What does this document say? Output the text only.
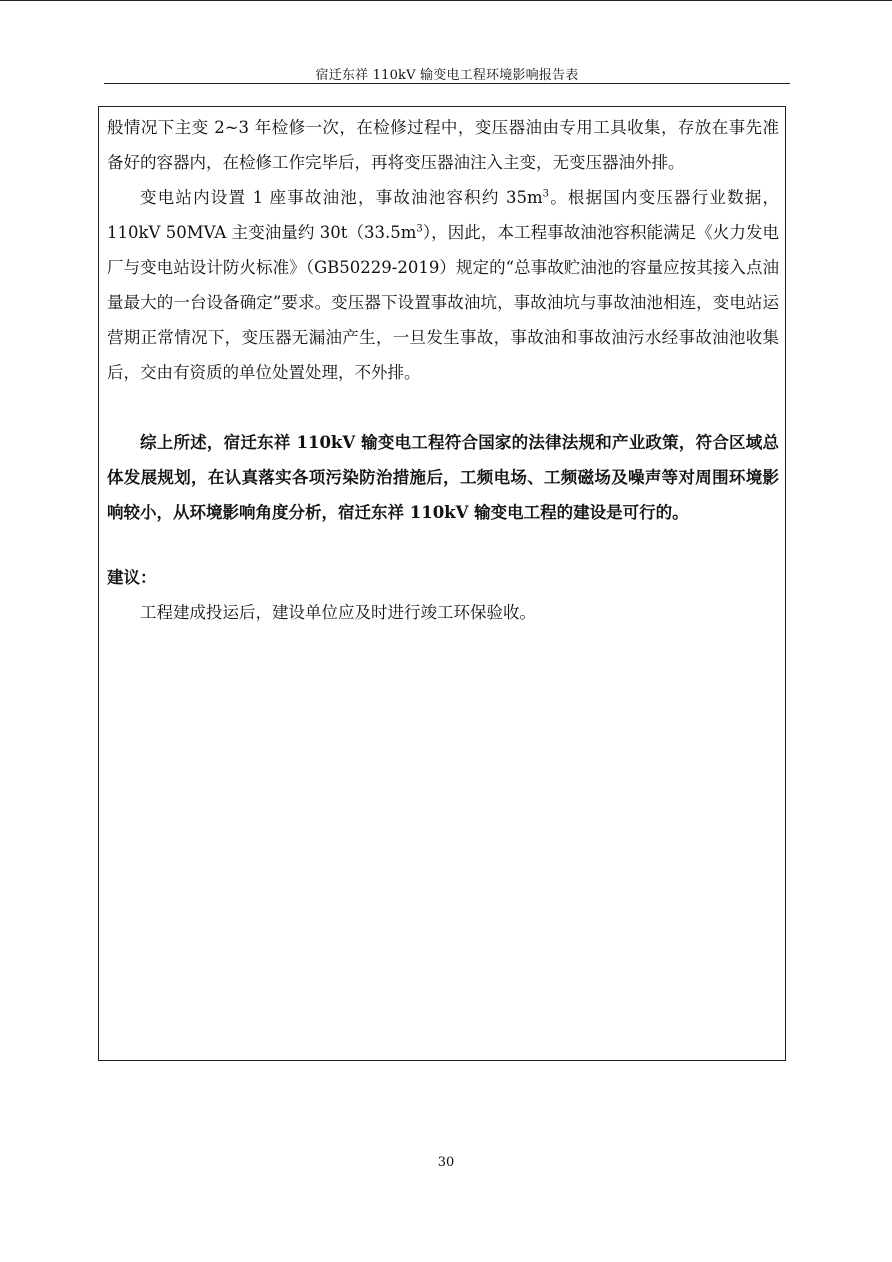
宿迁东祥 110kV 输变电工程环境影响报告表

般情况下主变 2~3 年检修一次，在检修过程中，变压器油由专用工具收集，存放在事先准备好的容器内，在检修工作完毕后，再将变压器油注入主变，无变压器油外排。

变电站内设置 1 座事故油池，事故油池容积约 $35m^3$。根据国内变压器行业数据，110kV 50MVA 主变油量约 $30t(33.5m^3)$，因此，本工程事故油池容积能满足《火力发电厂与变电站设计防火标准》（GB50229-2019）规定的“总事故贮油池的容量应按其接入点油量最大的一台设备确定”要求。变压器下设置事故油坑，事故油坑与事故油池相连，变电站运营期正常情况下，变压器无漏油产生，一旦发生事故，事故油和事故油污水经事故油池收集后，交由有资质的单位处置处理，不外排。

综上所述，宿迁东祥 110kV 输变电工程符合国家的法律法规和产业政策，符合区域总体发展规划，在认真落实各项污染防治措施后，工频电场、工频磁场及噪声等对周围环境影响较小，从环境影响角度分析，宿迁东祥 110kV 输变电工程的建设是可行的。

建议：

工程建成投运后，建设单位应及时进行竣工环保验收。

30
